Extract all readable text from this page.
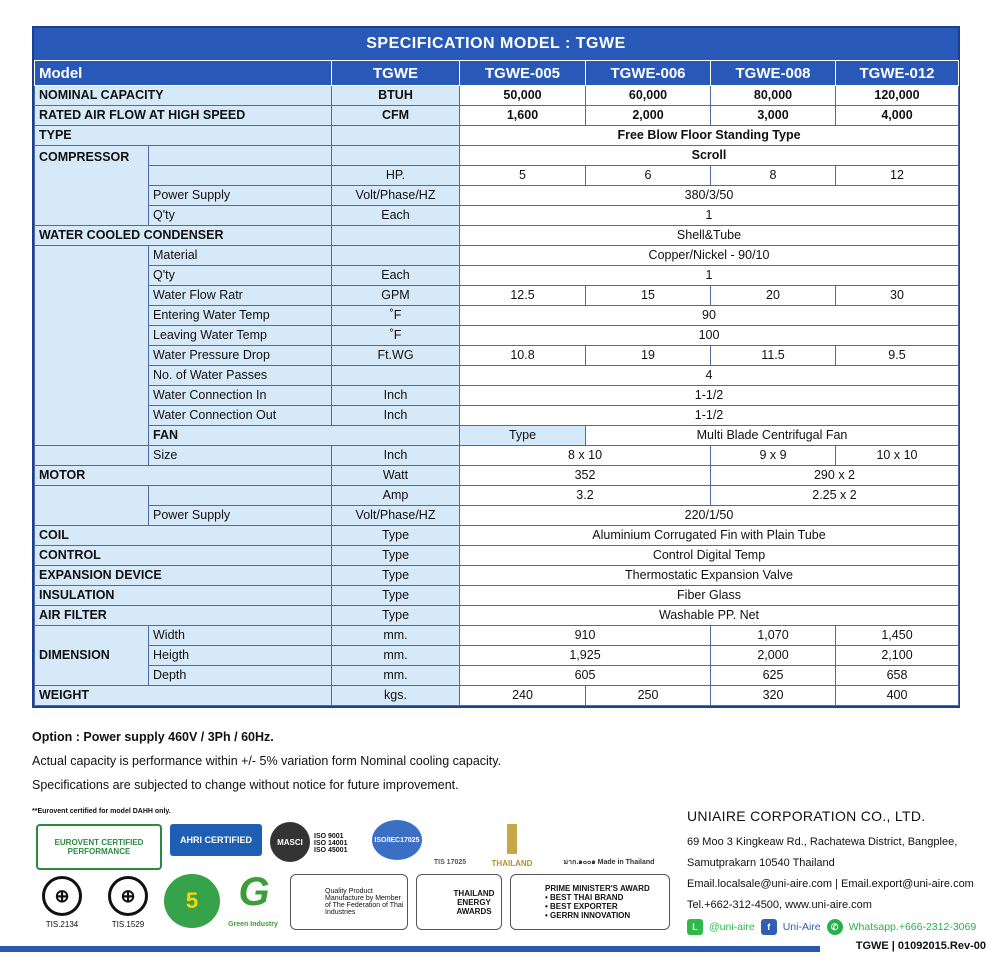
SPECIFICATION MODEL : TGWE
Model		TGWE	TGWE-005	TGWE-006	TGWE-008	TGWE-012
NOMINAL CAPACITY		BTUH	50,000	60,000	80,000	120,000
RATED AIR FLOW AT HIGH SPEED		CFM	1,600	2,000	3,000	4,000
TYPE			Free Blow Floor Standing Type			
COMPRESSOR			Scroll			
		HP.	5	6	8	12
	Power Supply	Volt/Phase/HZ	380/3/50			
	Q'ty	Each	1			
WATER COOLED CONDENSER			Shell&Tube			
	Material		Copper/Nickel - 90/10			
	Q'ty	Each	1			
	Water Flow Ratr	GPM	12.5	15	20	30
	Entering Water Temp	˚F	90			
	Leaving Water Temp	˚F	100			
	Water Pressure Drop	Ft.WG	10.8	19	11.5	9.5
	No. of Water Passes		4			
	Water Connection In	Inch	1-1/2			
	Water Connection Out	Inch	1-1/2			
	FAN		Type	Multi Blade Centrifugal Fan		
	Size	Inch	8 x 10		9 x 9	10 x 10
MOTOR		Watt	352		290 x 2	
		Amp	3.2		2.25 x 2	
	Power Supply	Volt/Phase/HZ	220/1/50			
COIL		Type	Aluminium Corrugated Fin with Plain Tube			
CONTROL		Type	Control Digital Temp			
EXPANSION DEVICE		Type	Thermostatic Expansion Valve			
INSULATION		Type	Fiber Glass			
AIR FILTER		Type	Washable PP. Net			
DIMENSION	Width	mm.	910		1,070	1,450
	Heigth	mm.	1,925		2,000	2,100
	Depth	mm.	605		625	658
WEIGHT		kgs.	240	250	320	400
Option : Power supply 460V / 3Ph / 60Hz.
Actual capacity is performance within +/- 5% variation form Nominal cooling capacity.
Specifications are subjected to change without notice for future improvement.
**Eurovent certified for model DAHH only.
EUROVENT CERTIFIED PERFORMANCE
AHRI CERTIFIED	MASCI
ISO 9001
ISO 14001
ISO 45001
ISO/IEC17025
TIS 17025	THAILAND	มาก.๑๐๐๑ Made in Thailand
⊕
TIS.2134
⊕
TIS.1529
5	G
Green Industry
Quality Product Manufacture by Member of The Federation of Thai Industries
THAILAND ENERGY AWARDS
PRIME MINISTER'S AWARD
• BEST THAI BRAND
• BEST EXPORTER
• GERRN INNOVATION
UNIAIRE CORPORATION CO., LTD.
69 Moo 3 Kingkeaw Rd., Rachatewa District, Bangplee,
Samutprakarn 10540 Thailand
Email.localsale@uni-aire.com | Email.export@uni-aire.com
Tel.+662-312-4500, www.uni-aire.com
L	@uni-aire	f	Uni-Aire	✆ Whatsapp.+666-2312-3069
TGWE | 01092015.Rev-00
